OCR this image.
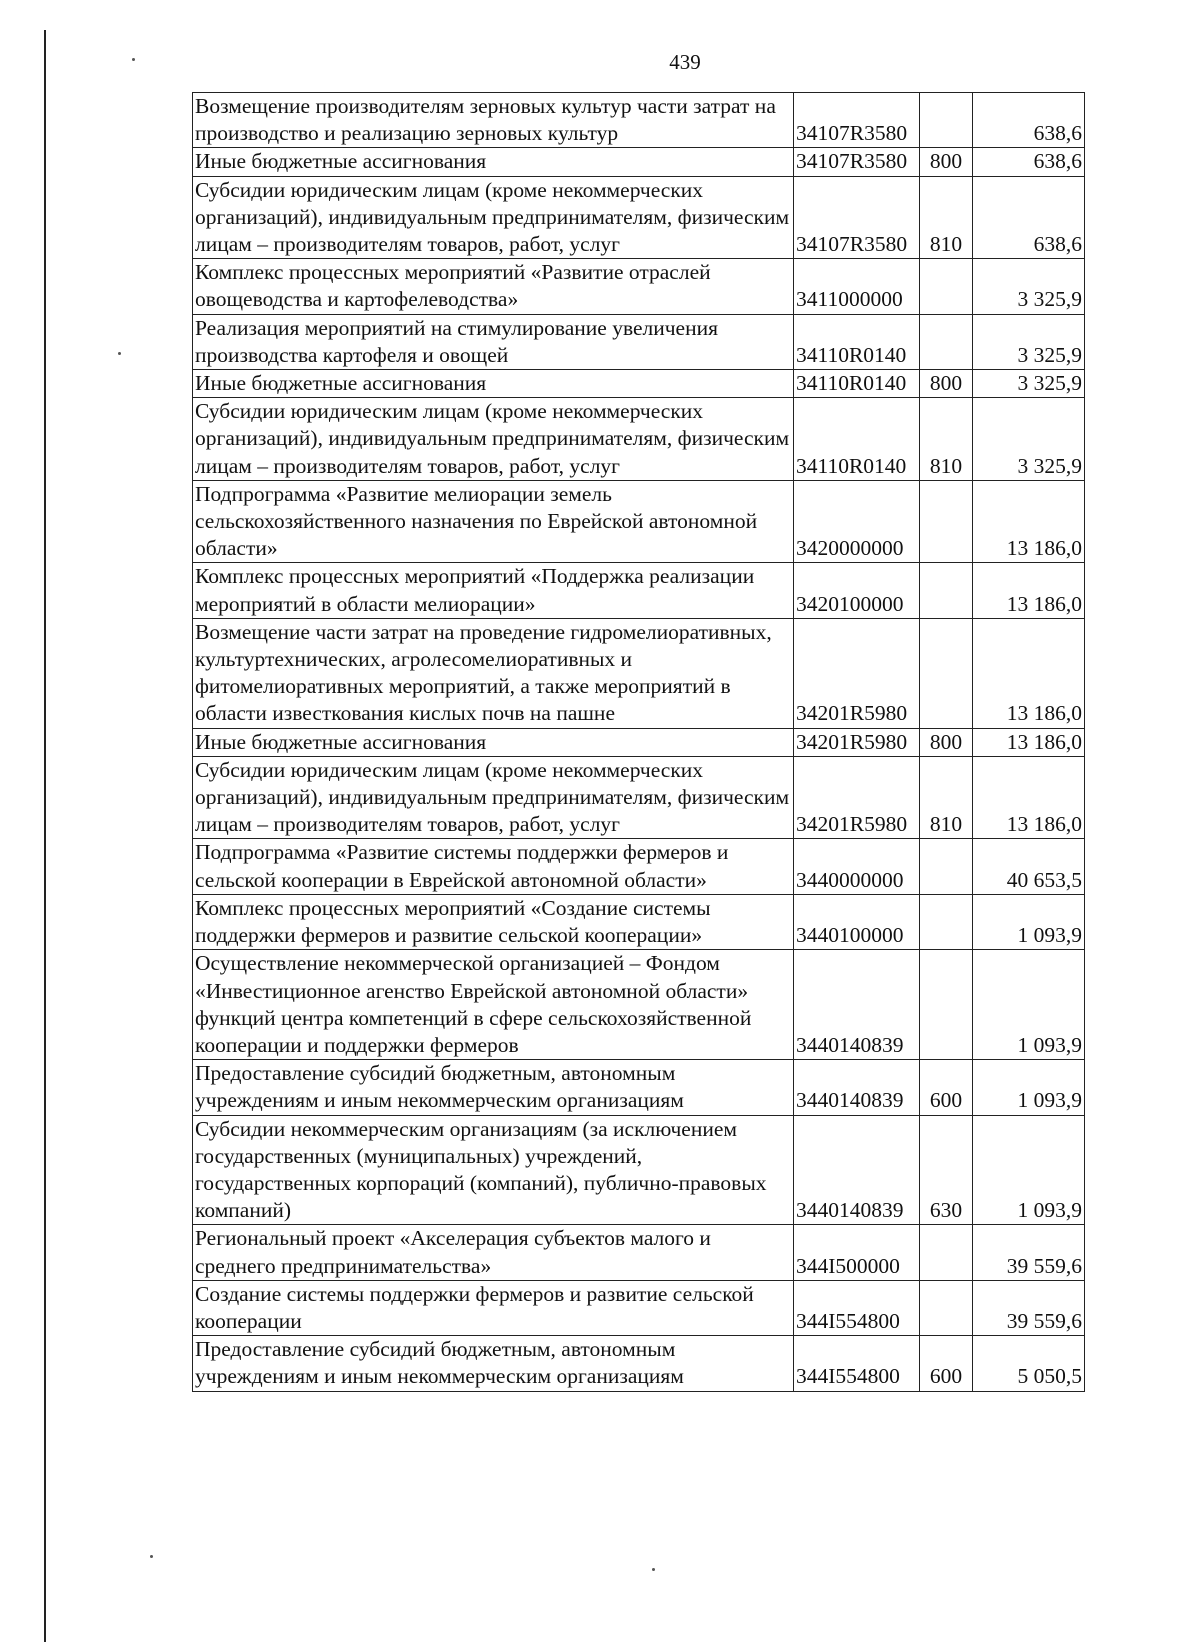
439
Возмещение производителям зерновых культур части затрат на производство и реализацию зерновых культур	34107R3580		638,6
Иные бюджетные ассигнования	34107R3580	800	638,6
Субсидии юридическим лицам (кроме некоммерческих организаций), индивидуальным предпринимателям, физическим лицам – производителям товаров, работ, услуг	34107R3580	810	638,6
Комплекс процессных мероприятий «Развитие отраслей овощеводства и картофелеводства»	3411000000		3 325,9
Реализация мероприятий на стимулирование увеличения производства картофеля и овощей	34110R0140		3 325,9
Иные бюджетные ассигнования	34110R0140	800	3 325,9
Субсидии юридическим лицам (кроме некоммерческих организаций), индивидуальным предпринимателям, физическим лицам – производителям товаров, работ, услуг	34110R0140	810	3 325,9
Подпрограмма «Развитие мелиорации земель сельскохозяйственного назначения по Еврейской автономной области»	3420000000		13 186,0
Комплекс процессных мероприятий «Поддержка реализации мероприятий в области мелиорации»	3420100000		13 186,0
Возмещение части затрат на проведение гидромелиоративных, культуртехнических, агролесомелиоративных и фитомелиоративных мероприятий, а также мероприятий в области известкования кислых почв на пашне	34201R5980		13 186,0
Иные бюджетные ассигнования	34201R5980	800	13 186,0
Субсидии юридическим лицам (кроме некоммерческих организаций), индивидуальным предпринимателям, физическим лицам – производителям товаров, работ, услуг	34201R5980	810	13 186,0
Подпрограмма «Развитие системы поддержки фермеров и сельской кооперации в Еврейской автономной области»	3440000000		40 653,5
Комплекс процессных мероприятий «Создание системы поддержки фермеров и развитие сельской кооперации»	3440100000		1 093,9
Осуществление некоммерческой организацией – Фондом «Инвестиционное агенство Еврейской автономной области» функций центра компетенций в сфере сельскохозяйственной кооперации и поддержки фермеров	3440140839		1 093,9
Предоставление субсидий бюджетным, автономным учреждениям и иным некоммерческим организациям	3440140839	600	1 093,9
Субсидии некоммерческим организациям (за исключением государственных (муниципальных) учреждений, государственных корпораций (компаний), публично-правовых компаний)	3440140839	630	1 093,9
Региональный проект «Акселерация субъектов малого и среднего предпринимательства»	344I500000		39 559,6
Создание системы поддержки фермеров и развитие сельской кооперации	344I554800		39 559,6
Предоставление субсидий бюджетным, автономным учреждениям и иным некоммерческим организациям	344I554800	600	5 050,5
